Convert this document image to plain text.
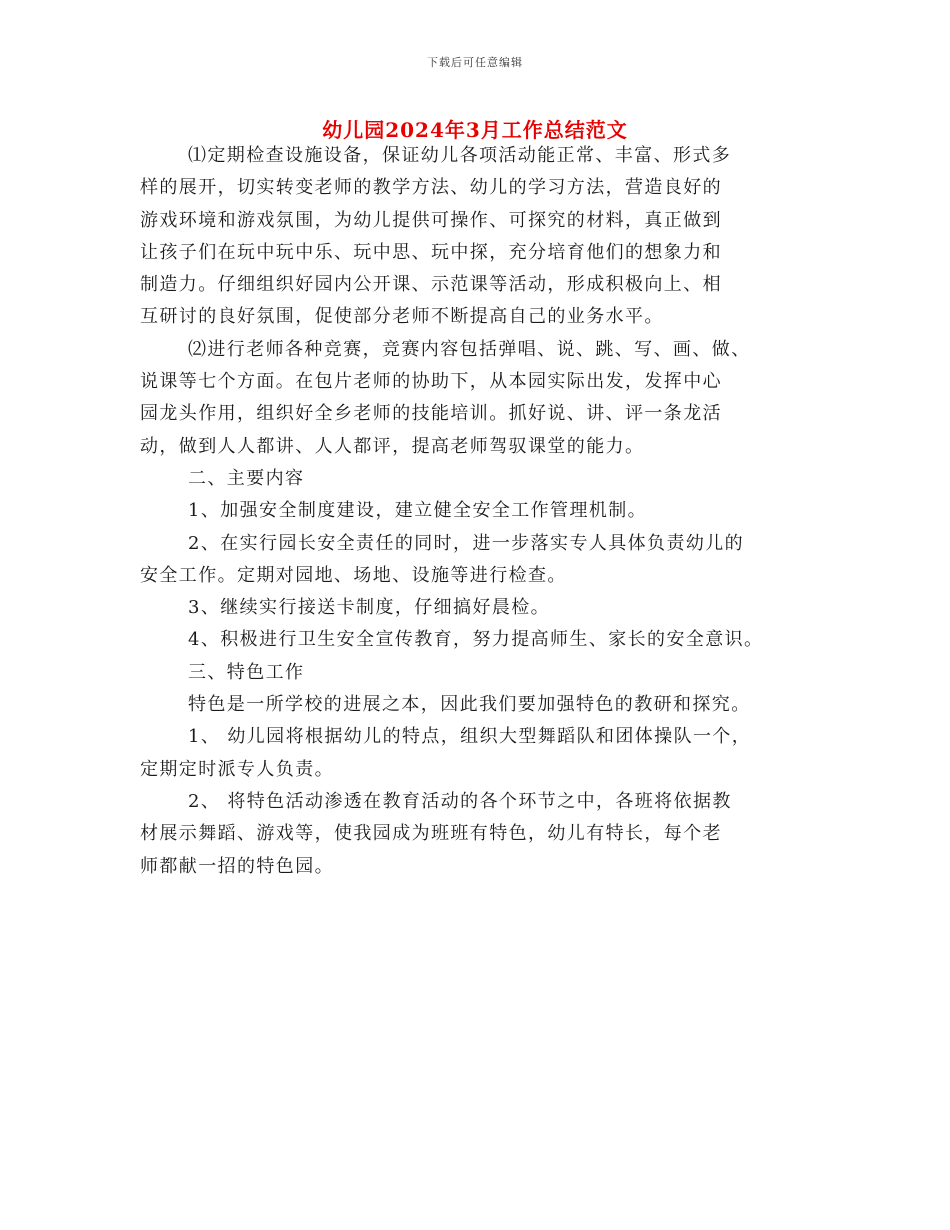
下载后可任意编辑
幼儿园2024年3月工作总结范文
⑴定期检查设施设备，保证幼儿各项活动能正常、丰富、形式多
样的展开，切实转变老师的教学方法、幼儿的学习方法，营造良好的
游戏环境和游戏氛围，为幼儿提供可操作、可探究的材料，真正做到
让孩子们在玩中玩中乐、玩中思、玩中探，充分培育他们的想象力和
制造力。仔细组织好园内公开课、示范课等活动，形成积极向上、相
互研讨的良好氛围，促使部分老师不断提高自己的业务水平。
⑵进行老师各种竞赛，竞赛内容包括弹唱、说、跳、写、画、做、
说课等七个方面。在包片老师的协助下，从本园实际出发，发挥中心
园龙头作用，组织好全乡老师的技能培训。抓好说、讲、评一条龙活
动，做到人人都讲、人人都评，提高老师驾驭课堂的能力。
二、主要内容
1、加强安全制度建设，建立健全安全工作管理机制。
2、在实行园长安全责任的同时，进一步落实专人具体负责幼儿的
安全工作。定期对园地、场地、设施等进行检查。
3、继续实行接送卡制度，仔细搞好晨检。
4、积极进行卫生安全宣传教育，努力提高师生、家长的安全意识。
三、特色工作
特色是一所学校的进展之本，因此我们要加强特色的教研和探究。
1、 幼儿园将根据幼儿的特点，组织大型舞蹈队和团体操队一个，
定期定时派专人负责。
2、 将特色活动渗透在教育活动的各个环节之中，各班将依据教
材展示舞蹈、游戏等，使我园成为班班有特色，幼儿有特长，每个老
师都献一招的特色园。
